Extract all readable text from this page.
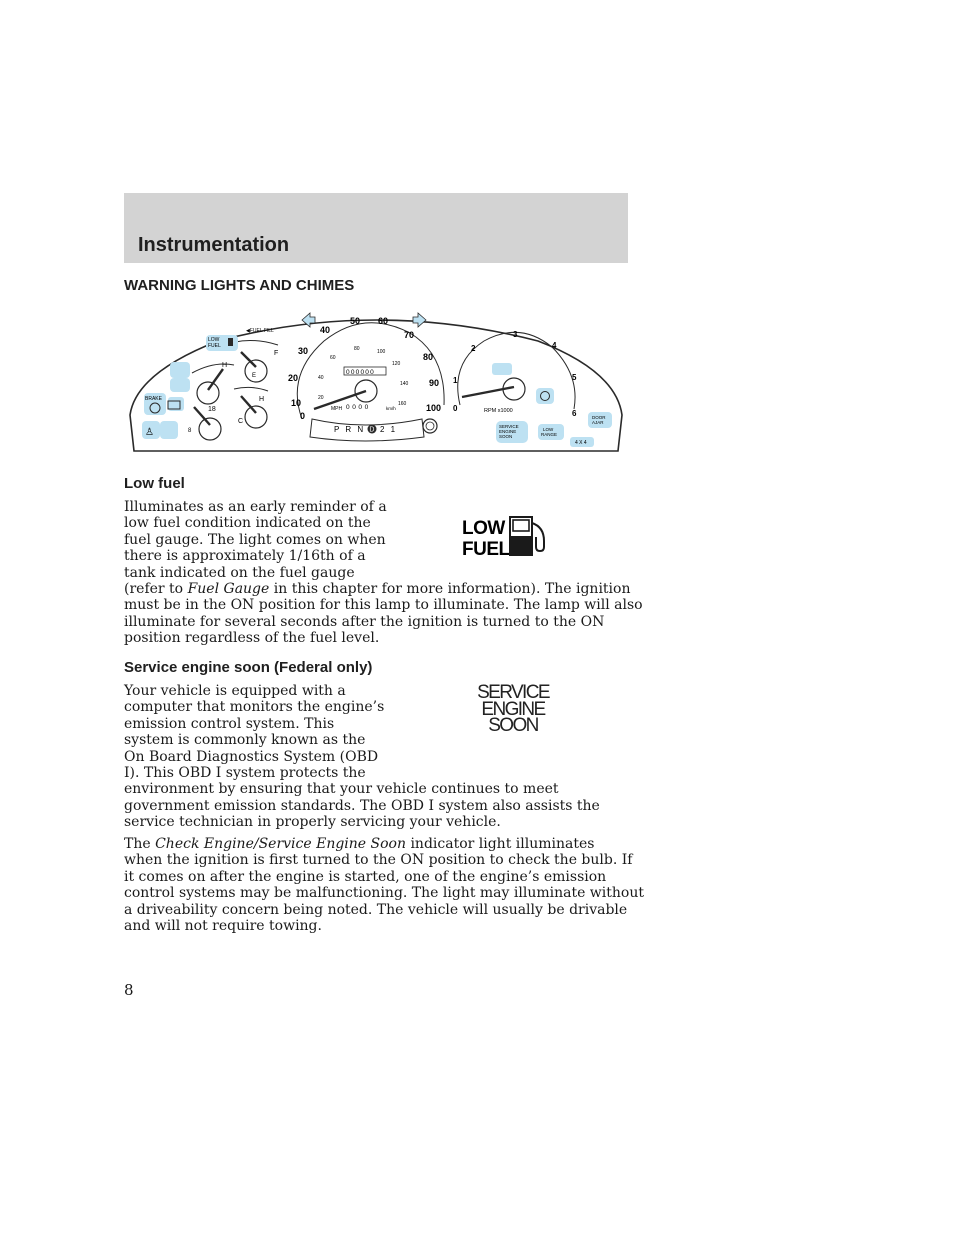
Instrumentation
WARNING LIGHTS AND CHIMES
F
E
H
H
C
18
8
LOW
FUEL
◀FUEL FILL
BRAKE
♙
0
10
20
30
40
50 60
70
80
90
100
20
40
60
80	100
120
140
160
000000
MPH 0000	km/h
P R N D 2 1
0
1
2
3
4
5
6
RPM x1000
SERVICE
ENGINE
SOON
LOW
RANGE
DOOR
AJAR
4 X 4
Low fuel
Illuminates as an early reminder of a
low fuel condition indicated on the
fuel gauge. The light comes on when
there is approximately 1/16th of a
tank indicated on the fuel gauge
(refer to Fuel Gauge in this chapter for more information). The ignition
must be in the ON position for this lamp to illuminate. The lamp will also
illuminate for several seconds after the ignition is turned to the ON
position regardless of the fuel level.
LOW
FUEL
Service engine soon (Federal only)
Your vehicle is equipped with a
computer that monitors the engine’s
emission control system. This
system is commonly known as the
On Board Diagnostics System (OBD
I). This OBD I system protects the
environment by ensuring that your vehicle continues to meet
government emission standards. The OBD I system also assists the
service technician in properly servicing your vehicle.
SERVICE
ENGINE
SOON
The Check Engine/Service Engine Soon indicator light illuminates
when the ignition is first turned to the ON position to check the bulb. If
it comes on after the engine is started, one of the engine’s emission
control systems may be malfunctioning. The light may illuminate without
a driveability concern being noted. The vehicle will usually be drivable
and will not require towing.

8
